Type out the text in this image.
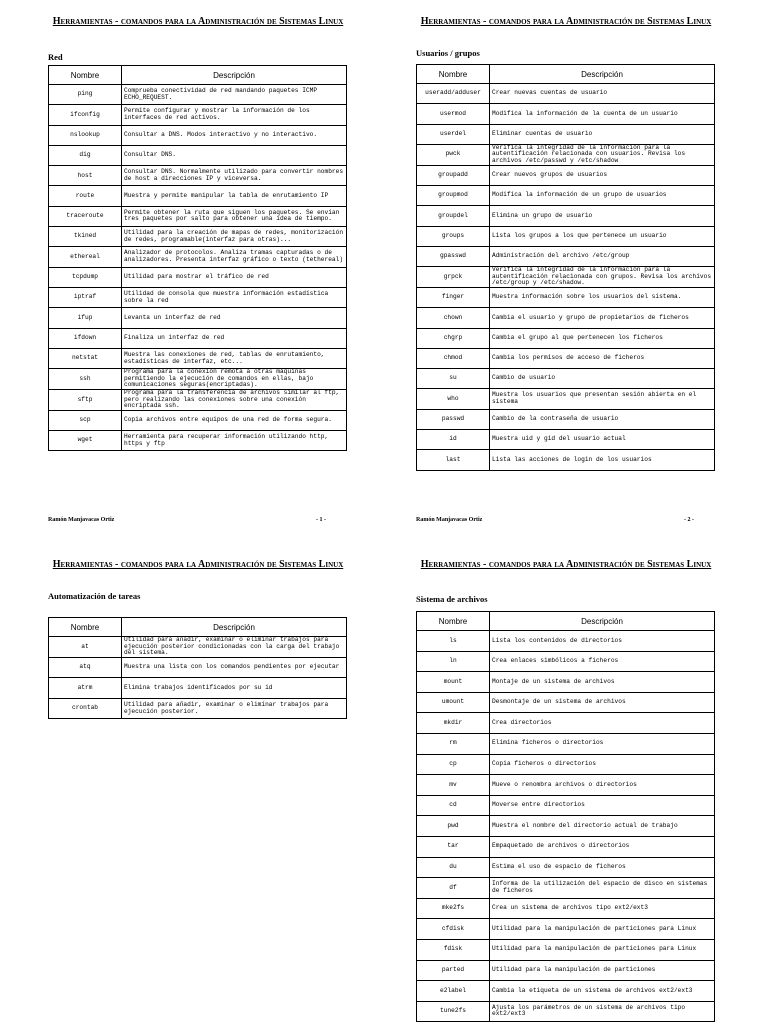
Herramientas - comandos para la Administración de Sistemas Linux
Red
Nombre	Descripción
ping	Comprueba conectividad de red mandando paquetes ICMP ECHO_REQUEST.
ifconfig	Permite configurar y mostrar la información de los interfaces de red activos.
nslookup	Consultar a DNS. Modos interactivo y no interactivo.
dig	Consultar DNS.
host	Consultar DNS. Normalmente utilizado para convertir nombres de host a direcciones IP y viceversa.
route	Muestra y permite manipular la tabla de enrutamiento IP
traceroute	Permite obtener la ruta que siguen los paquetes. Se envían tres paquetes por salto para obtener una idea de tiempo.
tkined	Utilidad para la creación de mapas de redes, monitorización de redes, programable(interfaz para otras)...
ethereal	Analizador de protocolos. Analiza tramas capturadas o de analizadores. Presenta interfaz gráfico o texto (tethereal)
tcpdump	Utilidad para mostrar el tráfico de red
iptraf	Utilidad de consola que muestra información estadística sobre la red
ifup	Levanta un interfaz de red
ifdown	Finaliza un interfaz de red
netstat	Muestra las conexiones de red, tablas de enrutamiento, estadísticas de interfaz, etc...
ssh	Programa para la conexión remota a otras máquinas permitiendo la ejecución de comandos en ellas, bajo comunicaciones seguras(encriptadas).
sftp	Programa para la transferencia de archivos similar al ftp, pero realizando las conexiones sobre una conexión encriptada ssh.
scp	Copia archivos entre equipos de una red de forma segura.
wget	Herramienta para recuperar información utilizando http, https y ftp
Ramón Manjavacas Ortiz	- 1 -
Herramientas - comandos para la Administración de Sistemas Linux
Usuarios / grupos
Nombre	Descripción
useradd/adduser	Crear nuevas cuentas de usuario
usermod	Modifica la información de la cuenta de un usuario
userdel	Eliminar cuentas de usuario
pwck	Verifica la integridad de la información para la autentificación relacionada con usuarios. Revisa los archivos /etc/passwd y /etc/shadow
groupadd	Crear nuevos grupos de usuarios
groupmod	Modifica la información de un grupo de usuarios
groupdel	Elimina un grupo de usuario
groups	Lista los grupos a los que pertenece un usuario
gpasswd	Administración del archivo /etc/group
grpck	Verifica la integridad de la información para la autentificación relacionada con grupos. Revisa los archivos /etc/group y /etc/shadow.
finger	Muestra información sobre los usuarios del sistema.
chown	Cambia el usuario y grupo de propietarios de ficheros
chgrp	Cambia el grupo al que pertenecen los ficheros
chmod	Cambia los permisos de acceso de ficheros
su	Cambio de usuario
who	Muestra los usuarios que presentan sesión abierta en el sistema
passwd	Cambio de la contraseña de usuario
id	Muestra uid y gid del usuario actual
last	Lista las acciones de login de los usuarios
Ramón Manjavacas Ortiz	- 2 -
Herramientas - comandos para la Administración de Sistemas Linux
Automatización de tareas
Nombre	Descripción
at	Utilidad para añadir, examinar o eliminar trabajos para ejecución posterior condicionadas con la carga del trabajo del sistema.
atq	Muestra una lista con los comandos pendientes por ejecutar
atrm	Elimina trabajos identificados por su id
crontab	Utilidad para añadir, examinar o eliminar trabajos para ejecución posterior.
Herramientas - comandos para la Administración de Sistemas Linux
Sistema de archivos
Nombre	Descripción
ls	Lista los contenidos de directorios
ln	Crea enlaces simbólicos a ficheros
mount	Montaje de un sistema de archivos
umount	Desmontaje de un sistema de archivos
mkdir	Crea directorios
rm	Elimina ficheros o directorios
cp	Copia ficheros o directorios
mv	Mueve o renombra archivos o directorios
cd	Moverse entre directorios
pwd	Muestra el nombre del directorio actual de trabajo
tar	Empaquetado de archivos o directorios
du	Estima el uso de espacio de ficheros
df	Informa de la utilización del espacio de disco en sistemas de ficheros
mke2fs	Crea un sistema de archivos tipo ext2/ext3
cfdisk	Utilidad para la manipulación de particiones para Linux
fdisk	Utilidad para la manipulación de particiones para Linux
parted	Utilidad para la manipulación de particiones
e2label	Cambia la etiqueta de un sistema de archivos ext2/ext3
tune2fs	Ajusta los parámetros de un sistema de archivos tipo ext2/ext3
